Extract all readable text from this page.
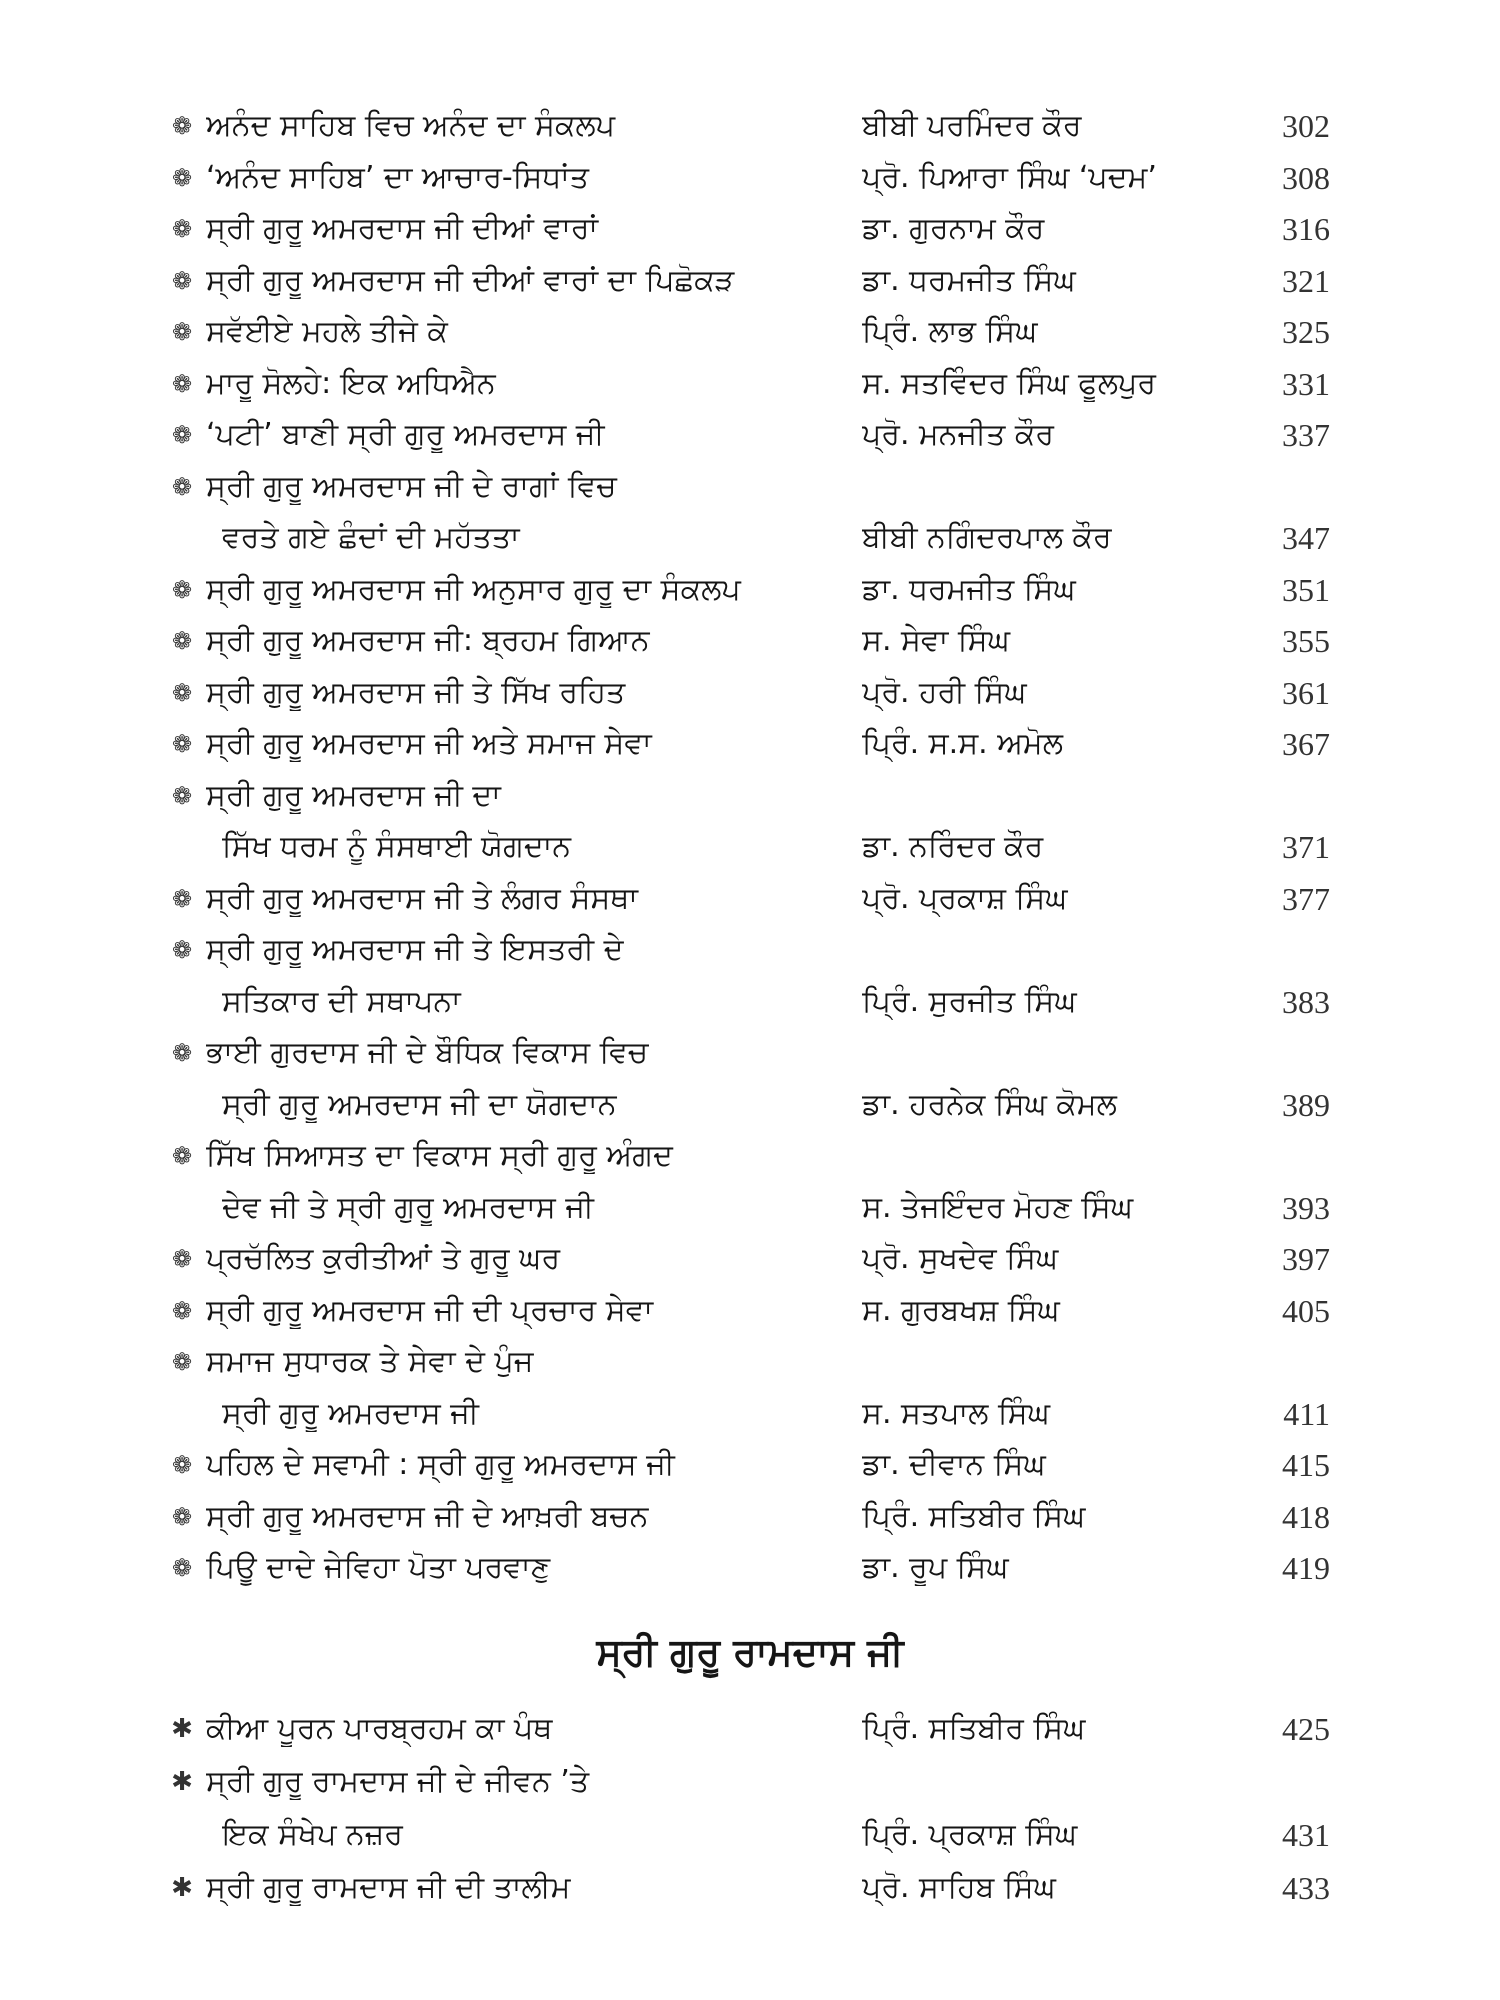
❁ ਅਨੰਦ ਸਾਹਿਬ ਵਿਚ ਅਨੰਦ ਦਾ ਸੰਕਲਪ	ਬੀਬੀ ਪਰਮਿੰਦਰ ਕੌਰ	302
❁ ‘ਅਨੰਦ ਸਾਹਿਬ’ ਦਾ ਆਚਾਰ-ਸਿਧਾਂਤ	ਪ੍ਰੋ. ਪਿਆਰਾ ਸਿੰਘ ‘ਪਦਮ’	308
❁ ਸ੍ਰੀ ਗੁਰੂ ਅਮਰਦਾਸ ਜੀ ਦੀਆਂ ਵਾਰਾਂ	ਡਾ. ਗੁਰਨਾਮ ਕੌਰ	316
❁ ਸ੍ਰੀ ਗੁਰੂ ਅਮਰਦਾਸ ਜੀ ਦੀਆਂ ਵਾਰਾਂ ਦਾ ਪਿਛੋਕੜ	ਡਾ. ਧਰਮਜੀਤ ਸਿੰਘ	321
❁ ਸਵੱਈਏ ਮਹਲੇ ਤੀਜੇ ਕੇ	ਪ੍ਰਿੰ. ਲਾਭ ਸਿੰਘ	325
❁ ਮਾਰੂ ਸੋਲਹੇ: ਇਕ ਅਧਿਐਨ	ਸ. ਸਤਵਿੰਦਰ ਸਿੰਘ ਫੂਲਪੁਰ	331
❁ ‘ਪਟੀ’ ਬਾਣੀ ਸ੍ਰੀ ਗੁਰੂ ਅਮਰਦਾਸ ਜੀ	ਪ੍ਰੋ. ਮਨਜੀਤ ਕੌਰ	337
❁ ਸ੍ਰੀ ਗੁਰੂ ਅਮਰਦਾਸ ਜੀ ਦੇ ਰਾਗਾਂ ਵਿਚ
ਵਰਤੇ ਗਏ ਛੰਦਾਂ ਦੀ ਮਹੱਤਤਾ	ਬੀਬੀ ਨਗਿੰਦਰਪਾਲ ਕੌਰ	347
❁ ਸ੍ਰੀ ਗੁਰੂ ਅਮਰਦਾਸ ਜੀ ਅਨੁਸਾਰ ਗੁਰੂ ਦਾ ਸੰਕਲਪ	ਡਾ. ਧਰਮਜੀਤ ਸਿੰਘ	351
❁ ਸ੍ਰੀ ਗੁਰੂ ਅਮਰਦਾਸ ਜੀ: ਬ੍ਰਹਮ ਗਿਆਨ	ਸ. ਸੇਵਾ ਸਿੰਘ	355
❁ ਸ੍ਰੀ ਗੁਰੂ ਅਮਰਦਾਸ ਜੀ ਤੇ ਸਿੱਖ ਰਹਿਤ	ਪ੍ਰੋ. ਹਰੀ ਸਿੰਘ	361
❁ ਸ੍ਰੀ ਗੁਰੂ ਅਮਰਦਾਸ ਜੀ ਅਤੇ ਸਮਾਜ ਸੇਵਾ	ਪ੍ਰਿੰ. ਸ.ਸ. ਅਮੋਲ	367
❁ ਸ੍ਰੀ ਗੁਰੂ ਅਮਰਦਾਸ ਜੀ ਦਾ
ਸਿੱਖ ਧਰਮ ਨੂੰ ਸੰਸਥਾਈ ਯੋਗਦਾਨ	ਡਾ. ਨਰਿੰਦਰ ਕੌਰ	371
❁ ਸ੍ਰੀ ਗੁਰੂ ਅਮਰਦਾਸ ਜੀ ਤੇ ਲੰਗਰ ਸੰਸਥਾ	ਪ੍ਰੋ. ਪ੍ਰਕਾਸ਼ ਸਿੰਘ	377
❁ ਸ੍ਰੀ ਗੁਰੂ ਅਮਰਦਾਸ ਜੀ ਤੇ ਇਸਤਰੀ ਦੇ
ਸਤਿਕਾਰ ਦੀ ਸਥਾਪਨਾ	ਪ੍ਰਿੰ. ਸੁਰਜੀਤ ਸਿੰਘ	383
❁ ਭਾਈ ਗੁਰਦਾਸ ਜੀ ਦੇ ਬੌਧਿਕ ਵਿਕਾਸ ਵਿਚ
ਸ੍ਰੀ ਗੁਰੂ ਅਮਰਦਾਸ ਜੀ ਦਾ ਯੋਗਦਾਨ	ਡਾ. ਹਰਨੇਕ ਸਿੰਘ ਕੋਮਲ	389
❁ ਸਿੱਖ ਸਿਆਸਤ ਦਾ ਵਿਕਾਸ ਸ੍ਰੀ ਗੁਰੂ ਅੰਗਦ
ਦੇਵ ਜੀ ਤੇ ਸ੍ਰੀ ਗੁਰੂ ਅਮਰਦਾਸ ਜੀ	ਸ. ਤੇਜਇੰਦਰ ਮੋਹਣ ਸਿੰਘ	393
❁ ਪ੍ਰਚੱਲਿਤ ਕੁਰੀਤੀਆਂ ਤੇ ਗੁਰੂ ਘਰ	ਪ੍ਰੋ. ਸੁਖਦੇਵ ਸਿੰਘ	397
❁ ਸ੍ਰੀ ਗੁਰੂ ਅਮਰਦਾਸ ਜੀ ਦੀ ਪ੍ਰਚਾਰ ਸੇਵਾ	ਸ. ਗੁਰਬਖਸ਼ ਸਿੰਘ	405
❁ ਸਮਾਜ ਸੁਧਾਰਕ ਤੇ ਸੇਵਾ ਦੇ ਪੁੰਜ
ਸ੍ਰੀ ਗੁਰੂ ਅਮਰਦਾਸ ਜੀ	ਸ. ਸਤਪਾਲ ਸਿੰਘ	411
❁ ਪਹਿਲ ਦੇ ਸਵਾਮੀ : ਸ੍ਰੀ ਗੁਰੂ ਅਮਰਦਾਸ ਜੀ	ਡਾ. ਦੀਵਾਨ ਸਿੰਘ	415
❁ ਸ੍ਰੀ ਗੁਰੂ ਅਮਰਦਾਸ ਜੀ ਦੇ ਆਖ਼ਰੀ ਬਚਨ	ਪ੍ਰਿੰ. ਸਤਿਬੀਰ ਸਿੰਘ	418
❁ ਪਿਊ ਦਾਦੇ ਜੇਵਿਹਾ ਪੋਤਾ ਪਰਵਾਣੁ	ਡਾ. ਰੂਪ ਸਿੰਘ	419
ਸ੍ਰੀ ਗੁਰੂ ਰਾਮਦਾਸ ਜੀ
✱ ਕੀਆ ਪੂਰਨ ਪਾਰਬ੍ਰਹਮ ਕਾ ਪੰਥ	ਪ੍ਰਿੰ. ਸਤਿਬੀਰ ਸਿੰਘ	425
✱ ਸ੍ਰੀ ਗੁਰੂ ਰਾਮਦਾਸ ਜੀ ਦੇ ਜੀਵਨ ’ਤੇ
ਇਕ ਸੰਖੇਪ ਨਜ਼ਰ	ਪ੍ਰਿੰ. ਪ੍ਰਕਾਸ਼ ਸਿੰਘ	431
✱ ਸ੍ਰੀ ਗੁਰੂ ਰਾਮਦਾਸ ਜੀ ਦੀ ਤਾਲੀਮ	ਪ੍ਰੋ. ਸਾਹਿਬ ਸਿੰਘ	433
